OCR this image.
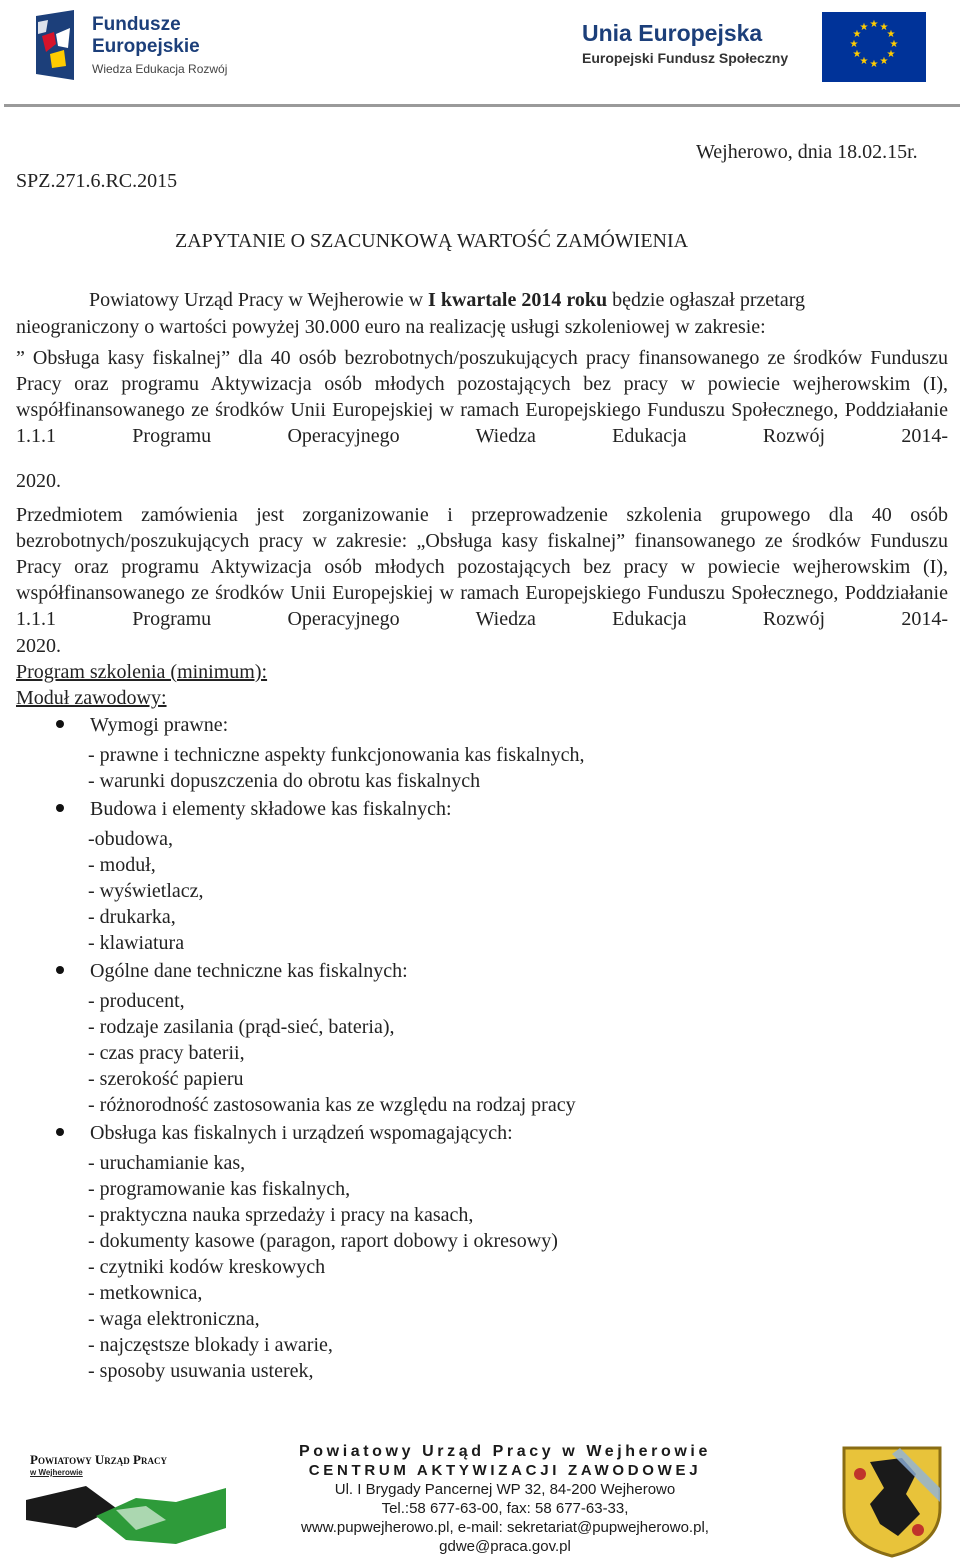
Fundusze
Europejskie
Wiedza Edukacja Rozwój
Unia Europejska
Europejski Fundusz Społeczny
★ ★
★
★
★
★
★
★
★
★
★
★
SPZ.271.6.RC.2015
Wejherowo, dnia 18.02.15r.
ZAPYTANIE O SZACUNKOWĄ WARTOŚĆ ZAMÓWIENIA
Powiatowy Urząd Pracy w Wejherowie w I kwartale 2014 roku będzie ogłaszał przetarg
nieograniczony o wartości powyżej 30.000 euro na realizację usługi szkoleniowej w zakresie:
” Obsługa kasy fiskalnej” dla 40 osób bezrobotnych/poszukujących pracy finansowanego ze środków Funduszu Pracy oraz programu Aktywizacja osób młodych pozostających bez pracy w powiecie wejherowskim (I), współfinansowanego ze środków Unii Europejskiej w ramach Europejskiego Funduszu Społecznego, Poddziałanie 1.1.1 Programu Operacyjnego Wiedza Edukacja Rozwój 2014-
2020.
Przedmiotem zamówienia jest zorganizowanie i przeprowadzenie szkolenia grupowego dla 40 osób bezrobotnych/poszukujących pracy w zakresie: „Obsługa kasy fiskalnej” finansowanego ze środków Funduszu Pracy oraz programu Aktywizacja osób młodych pozostających bez pracy w powiecie wejherowskim (I), współfinansowanego ze środków Unii Europejskiej w ramach Europejskiego Funduszu Społecznego, Poddziałanie 1.1.1 Programu Operacyjnego Wiedza Edukacja Rozwój 2014-
2020.
Program szkolenia (minimum):
Moduł zawodowy:
Wymogi prawne:
- prawne i techniczne aspekty funkcjonowania kas fiskalnych,
- warunki dopuszczenia do obrotu kas fiskalnych
Budowa i elementy składowe kas fiskalnych:
-obudowa,
- moduł,
- wyświetlacz,
- drukarka,
- klawiatura
Ogólne dane techniczne kas fiskalnych:
- producent,
- rodzaje zasilania (prąd-sieć, bateria),
- czas pracy baterii,
- szerokość papieru
- różnorodność zastosowania kas ze względu na rodzaj pracy
Obsługa kas fiskalnych i urządzeń wspomagających:
- uruchamianie kas,
- programowanie kas fiskalnych,
- praktyczna nauka sprzedaży i pracy na kasach,
- dokumenty kasowe (paragon, raport dobowy i okresowy)
- czytniki kodów kreskowych
- metkownica,
- waga elektroniczna,
- najczęstsze blokady i awarie,
- sposoby usuwania usterek,
Powiatowy Urząd Pracy
w Wejherowie
Powiatowy Urząd Pracy w Wejherowie
CENTRUM AKTYWIZACJI ZAWODOWEJ
Ul. I Brygady Pancernej WP 32, 84-200 Wejherowo
Tel.:58 677-63-00, fax: 58 677-63-33,
www.pupwejherowo.pl, e-mail: sekretariat@pupwejherowo.pl,
gdwe@praca.gov.pl
